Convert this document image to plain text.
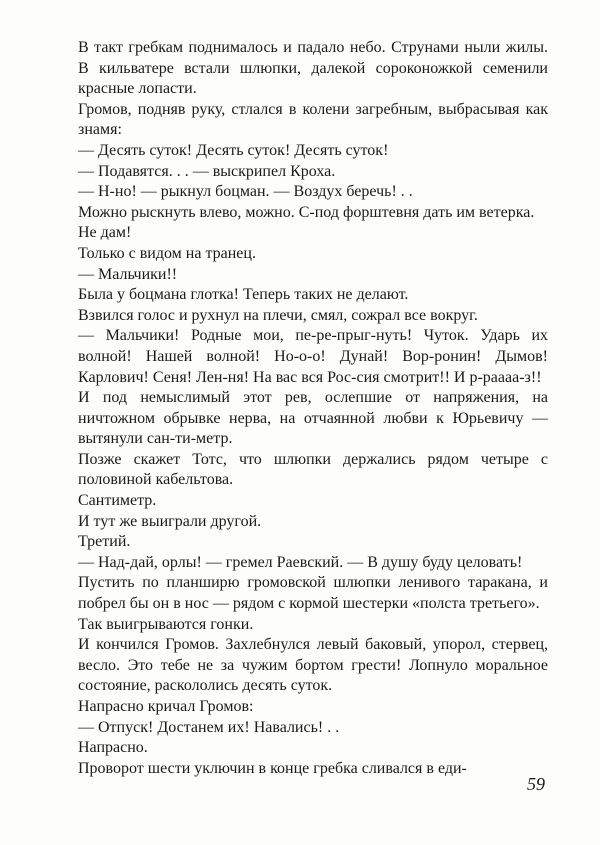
В такт гребкам поднималось и падало небо. Струнами ныли жилы. В кильватере встали шлюпки, далекой сороконожкой семенили красные лопасти.

Громов, подняв руку, стлался в колени загребным, выбрасывая как знамя:

— Десять суток! Десять суток! Десять суток!

— Подавятся. . . — выскрипел Кроха.

— Н-но! — рыкнул боцман. — Воздух беречь! . .

Можно рыскнуть влево, можно. С-под форштевня дать им ветерка.

Не дам!

Только с видом на транец.

— Мальчики!!

Была у боцмана глотка! Теперь таких не делают.

Взвился голос и рухнул на плечи, смял, сожрал все вокруг.

— Мальчики! Родные мои, пе-ре-прыг-нуть! Чуток. Ударь их волной! Нашей волной! Но-о-о! Дунай! Вор-ронин! Дымов! Карлович! Сеня! Лен-ня! На вас вся Рос-сия смотрит!! И р-раааа-з!!

И под немыслимый этот рев, ослепшие от напряжения, на ничтожном обрывке нерва, на отчаянной любви к Юрьевичу — вытянули сан-ти-метр.

Позже скажет Тотс, что шлюпки держались рядом четыре с половиной кабельтова.

Сантиметр.

И тут же выиграли другой.

Третий.

— Над-дай, орлы! — гремел Раевский. — В душу буду целовать!

Пустить по планширю громовской шлюпки ленивого таракана, и побрел бы он в нос — рядом с кормой шестерки «полста третьего».

Так выигрываются гонки.

И кончился Громов. Захлебнулся левый баковый, упорол, стервец, весло. Это тебе не за чужим бортом грести! Лопнуло моральное состояние, раскололись десять суток.

Напрасно кричал Громов:

— Отпуск! Достанем их! Навались! . .

Напрасно.

Проворот шести уключин в конце гребка сливался в еди-

59
